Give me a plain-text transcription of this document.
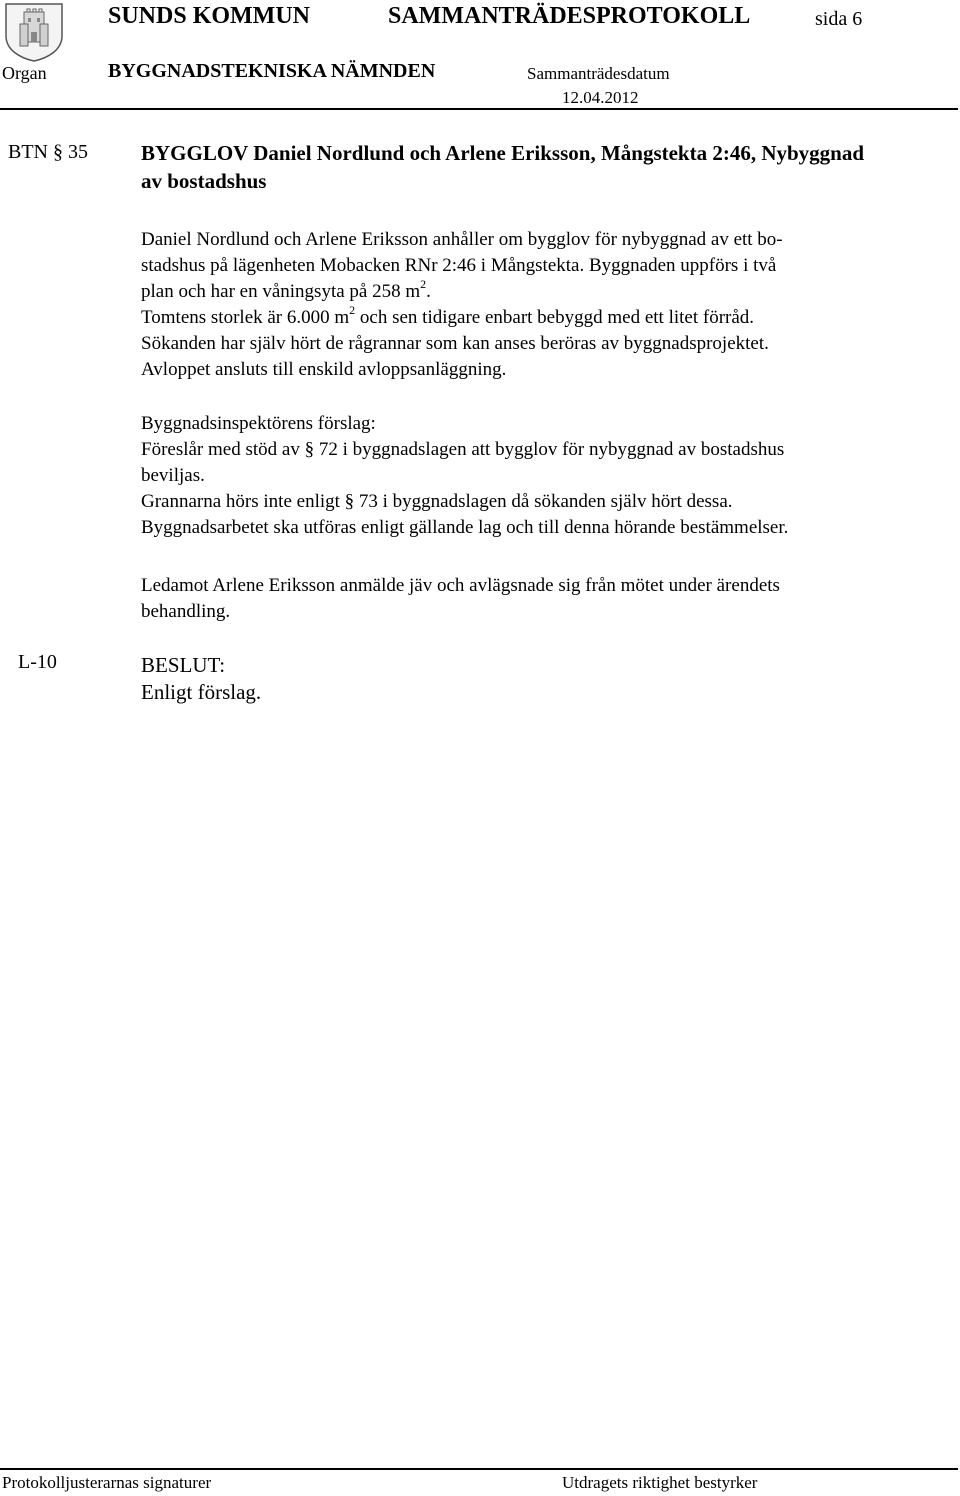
SUNDS KOMMUN	SAMMANTRÄDESPROTOKOLL	sida 6
Organ	BYGGNADSTEKNISKA NÄMNDEN	Sammanträdesdatum
12.04.2012
BTN § 35	BYGGLOV Daniel Nordlund och Arlene Eriksson, Mångstekta 2:46, Nybyggnad
av bostadshus
Daniel Nordlund och Arlene Eriksson anhåller om bygglov för nybyggnad av ett bo-
stadshus på lägenheten Mobacken RNr 2:46 i Mångstekta. Byggnaden uppförs i två
plan och har en våningsyta på 258 $m^2$.
Tomtens storlek är 6.000 $m^2$ och sen tidigare enbart bebyggd med ett litet förråd.
Sökanden har själv hört de rågrannar som kan anses beröras av byggnadsprojektet.
Avloppet ansluts till enskild avloppsanläggning.
Byggnadsinspektörens förslag:
Föreslår med stöd av § 72 i byggnadslagen att bygglov för nybyggnad av bostadshus
beviljas.
Grannarna hörs inte enligt § 73 i byggnadslagen då sökanden själv hört dessa.
Byggnadsarbetet ska utföras enligt gällande lag och till denna hörande bestämmelser.
Ledamot Arlene Eriksson anmälde jäv och avlägsnade sig från mötet under ärendets
behandling.
L-10	BESLUT:
Enligt förslag.
Protokolljusterarnas signaturer	Utdragets riktighet bestyrker
